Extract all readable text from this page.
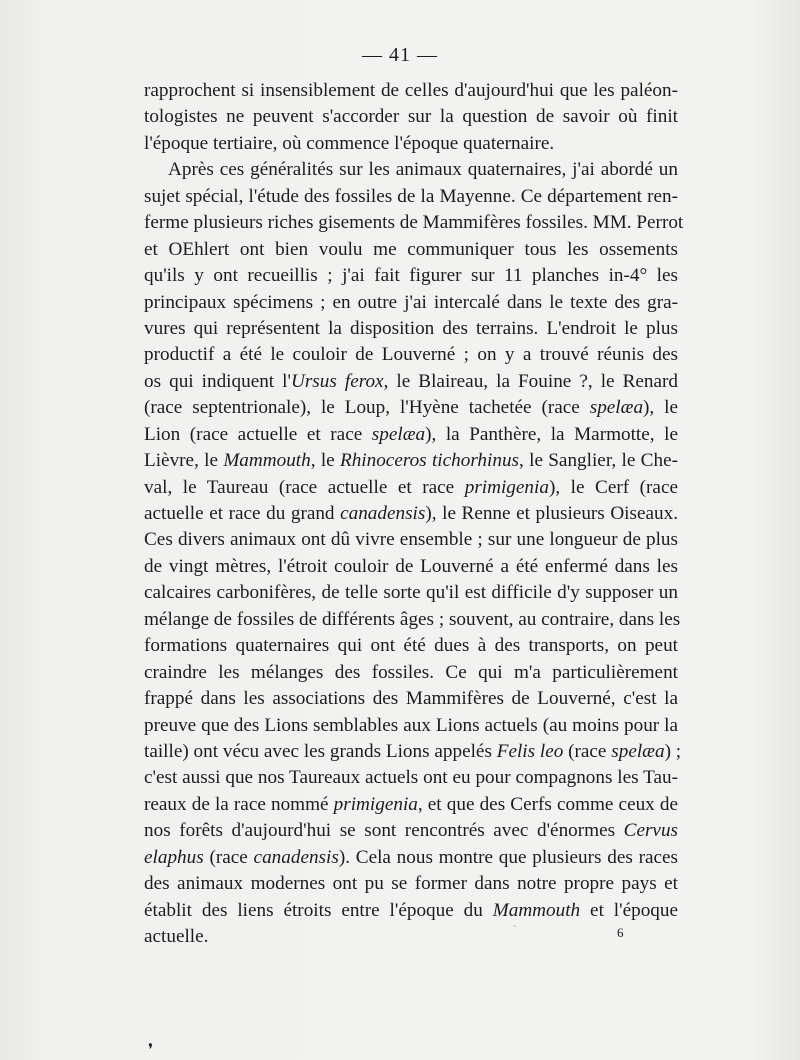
— 41 —
rapprochent si insensiblement de celles d'aujourd'hui que les paléon-
tologistes ne peuvent s'accorder sur la question de savoir où finit
l'époque tertiaire, où commence l'époque quaternaire.
Après ces généralités sur les animaux quaternaires, j'ai abordé un
sujet spécial, l'étude des fossiles de la Mayenne. Ce département ren-
ferme plusieurs riches gisements de Mammifères fossiles. MM. Perrot
et OEhlert ont bien voulu me communiquer tous les ossements
qu'ils y ont recueillis ; j'ai fait figurer sur 11 planches in-4° les
principaux spécimens ; en outre j'ai intercalé dans le texte des gra-
vures qui représentent la disposition des terrains. L'endroit le plus
productif a été le couloir de Louverné ; on y a trouvé réunis des
os qui indiquent l'Ursus ferox, le Blaireau, la Fouine ?, le Renard
(race septentrionale), le Loup, l'Hyène tachetée (race spelæa), le
Lion (race actuelle et race spelæa), la Panthère, la Marmotte, le
Lièvre, le Mammouth, le Rhinoceros tichorhinus, le Sanglier, le Che-
val, le Taureau (race actuelle et race primigenia), le Cerf (race
actuelle et race du grand canadensis), le Renne et plusieurs Oiseaux.
Ces divers animaux ont dû vivre ensemble ; sur une longueur de plus
de vingt mètres, l'étroit couloir de Louverné a été enfermé dans les
calcaires carbonifères, de telle sorte qu'il est difficile d'y supposer un
mélange de fossiles de différents âges ; souvent, au contraire, dans les
formations quaternaires qui ont été dues à des transports, on peut
craindre les mélanges des fossiles. Ce qui m'a particulièrement
frappé dans les associations des Mammifères de Louverné, c'est la
preuve que des Lions semblables aux Lions actuels (au moins pour la
taille) ont vécu avec les grands Lions appelés Felis leo (race spelæa) ;
c'est aussi que nos Taureaux actuels ont eu pour compagnons les Tau-
reaux de la race nommé primigenia, et que des Cerfs comme ceux de
nos forêts d'aujourd'hui se sont rencontrés avec d'énormes Cervus
elaphus (race canadensis). Cela nous montre que plusieurs des races
des animaux modernes ont pu se former dans notre propre pays et
établit des liens étroits entre l'époque du Mammouth et l'époque
actuelle.	6
`
❜
